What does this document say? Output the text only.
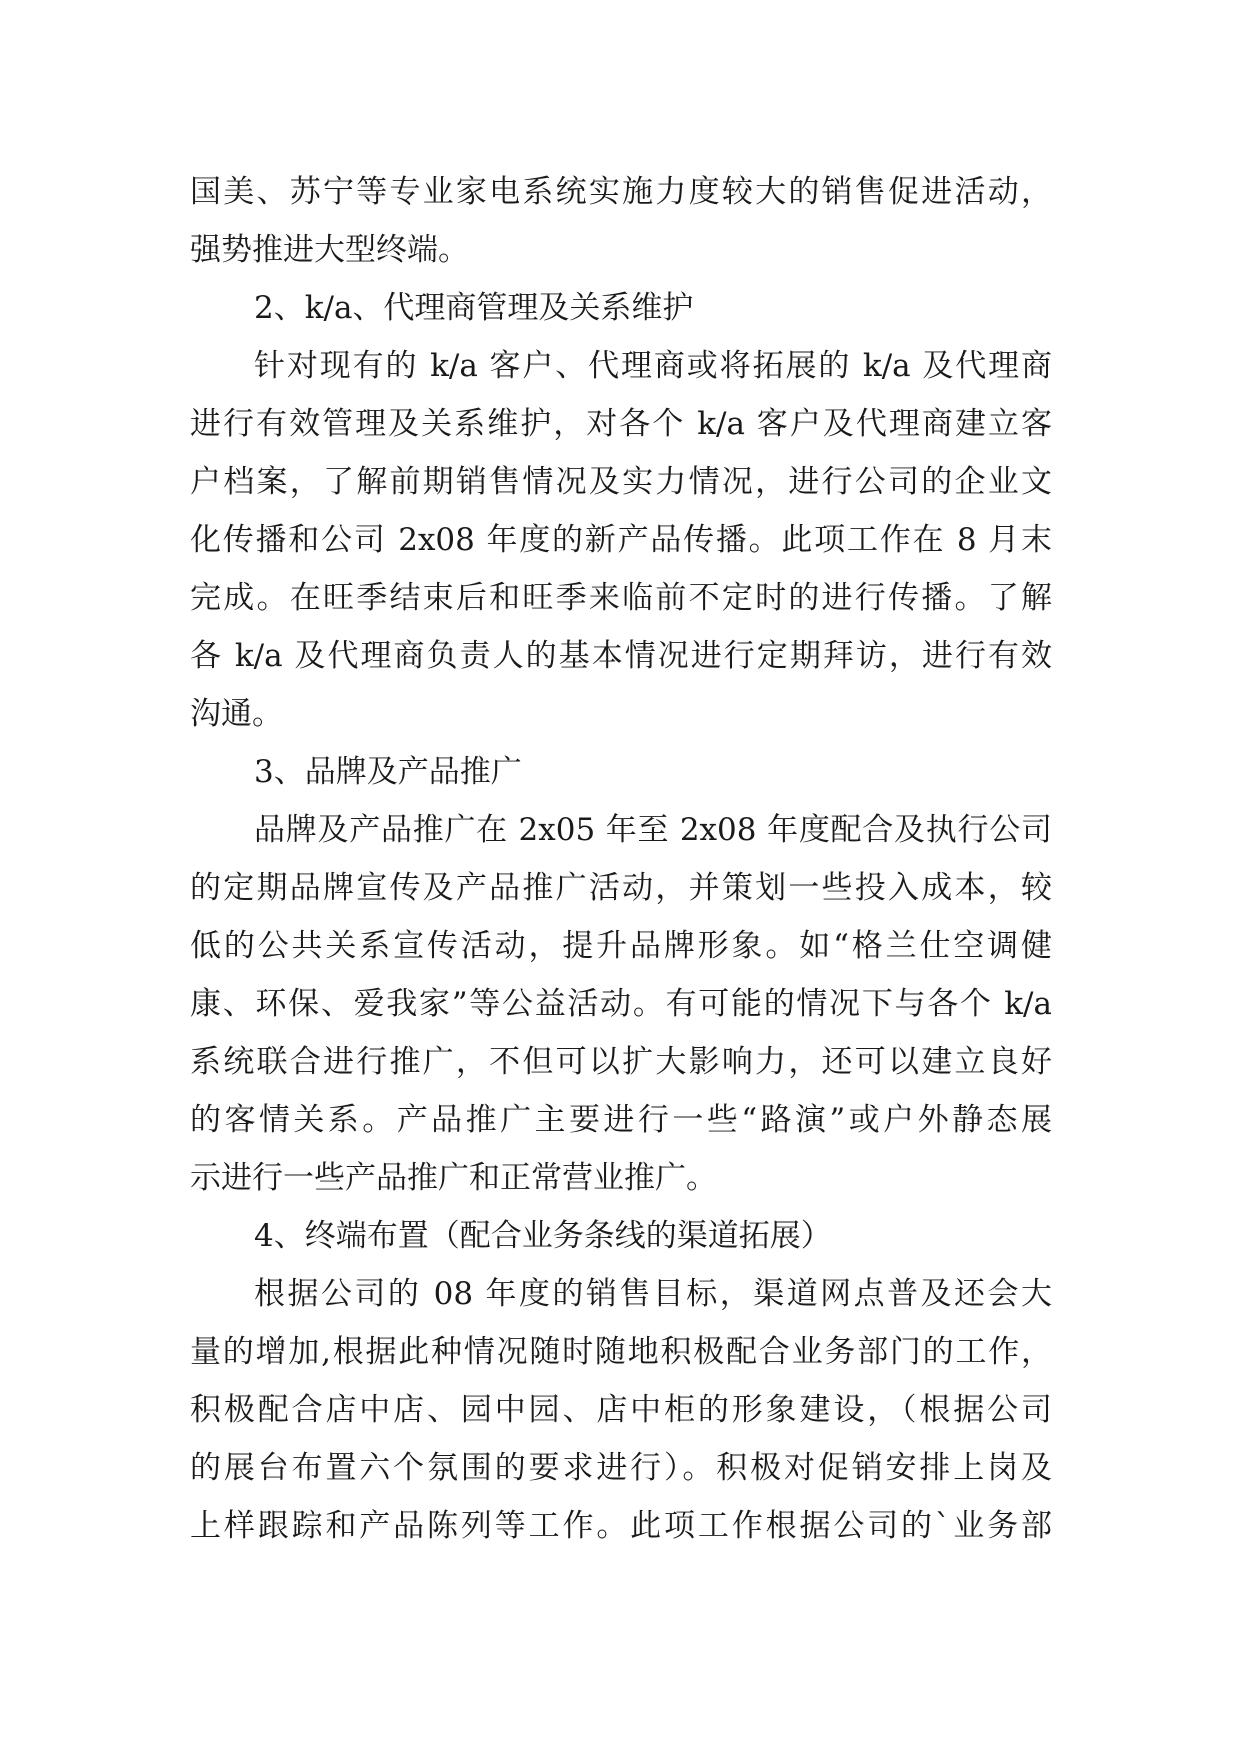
国美、苏宁等专业家电系统实施力度较大的销售促进活动，
强势推进大型终端。
2、k/a、代理商管理及关系维护
针对现有的 k/a 客户、代理商或将拓展的 k/a 及代理商
进行有效管理及关系维护，对各个 k/a 客户及代理商建立客
户档案，了解前期销售情况及实力情况，进行公司的企业文
化传播和公司 2x08 年度的新产品传播。此项工作在 8 月末
完成。在旺季结束后和旺季来临前不定时的进行传播。了解
各 k/a 及代理商负责人的基本情况进行定期拜访，进行有效
沟通。
3、品牌及产品推广
品牌及产品推广在 2x05 年至 2x08 年度配合及执行公司
的定期品牌宣传及产品推广活动，并策划一些投入成本，较
低的公共关系宣传活动，提升品牌形象。如“格兰仕空调健
康、环保、爱我家”等公益活动。有可能的情况下与各个 k/a
系统联合进行推广，不但可以扩大影响力，还可以建立良好
的客情关系。产品推广主要进行一些“路演”或户外静态展
示进行一些产品推广和正常营业推广。
4、终端布置（配合业务条线的渠道拓展）
根据公司的 08 年度的销售目标，渠道网点普及还会大
量的增加,根据此种情况随时随地积极配合业务部门的工作，
积极配合店中店、园中园、店中柜的形象建设，（根据公司
的展台布置六个氛围的要求进行）。积极对促销安排上岗及
上样跟踪和产品陈列等工作。此项工作根据公司的`业务部
